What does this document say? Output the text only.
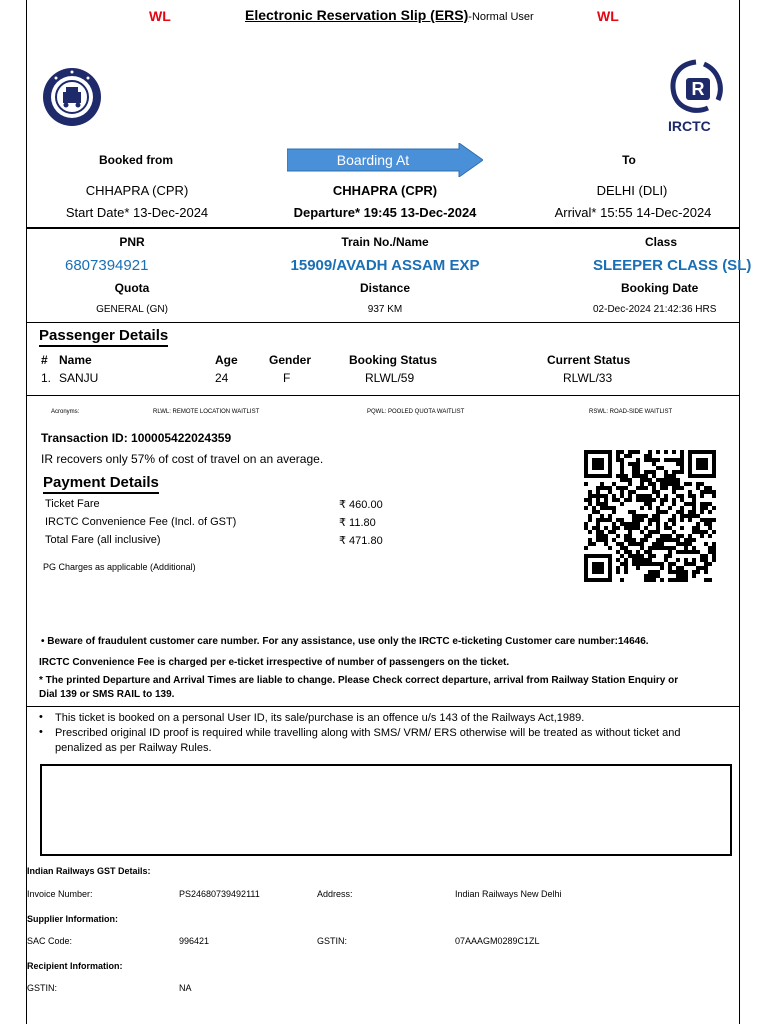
WL	Electronic Reservation Slip (ERS)-Normal User	WL
R
IRCTC
Booked from	Boarding At	To
CHHAPRA (CPR)	CHHAPRA (CPR)	DELHI (DLI)
Start Date* 13-Dec-2024	Departure* 19:45 13-Dec-2024	Arrival* 15:55 14-Dec-2024
PNR	Train No./Name	Class
6807394921	15909/AVADH ASSAM EXP	SLEEPER CLASS (SL)
Quota	Distance	Booking Date
GENERAL (GN)	937 KM	02-Dec-2024 21:42:36 HRS
Passenger Details
# Name	Age	Gender	Booking Status	Current Status
1. SANJU	24	F	RLWL/59	RLWL/33
Acronyms:	RLWL: REMOTE LOCATION WAITLIST	PQWL: POOLED QUOTA WAITLIST	RSWL: ROAD-SIDE WAITLIST
Transaction ID: 100005422024359
IR recovers only 57% of cost of travel on an average.
Payment Details
Ticket Fare	₹ 460.00
IRCTC Convenience Fee (Incl. of GST)	₹ 11.80
Total Fare (all inclusive)	₹ 471.80
PG Charges as applicable (Additional)
• Beware of fraudulent customer care number. For any assistance, use only the IRCTC e-ticketing Customer care number:14646.
IRCTC Convenience Fee is charged per e-ticket irrespective of number of passengers on the ticket.
* The printed Departure and Arrival Times are liable to change. Please Check correct departure, arrival from Railway Station Enquiry or
Dial 139 or SMS RAIL to 139.
• This ticket is booked on a personal User ID, its sale/purchase is an offence u/s 143 of the Railways Act,1989.
• Prescribed original ID proof is required while travelling along with SMS/ VRM/ ERS otherwise will be treated as without ticket and
penalized as per Railway Rules.
Indian Railways GST Details:
Invoice Number:	PS24680739492111	Address:	Indian Railways New Delhi
Supplier Information:
SAC Code:	996421	GSTIN:	07AAAGM0289C1ZL
Recipient Information:
GSTIN:	NA
